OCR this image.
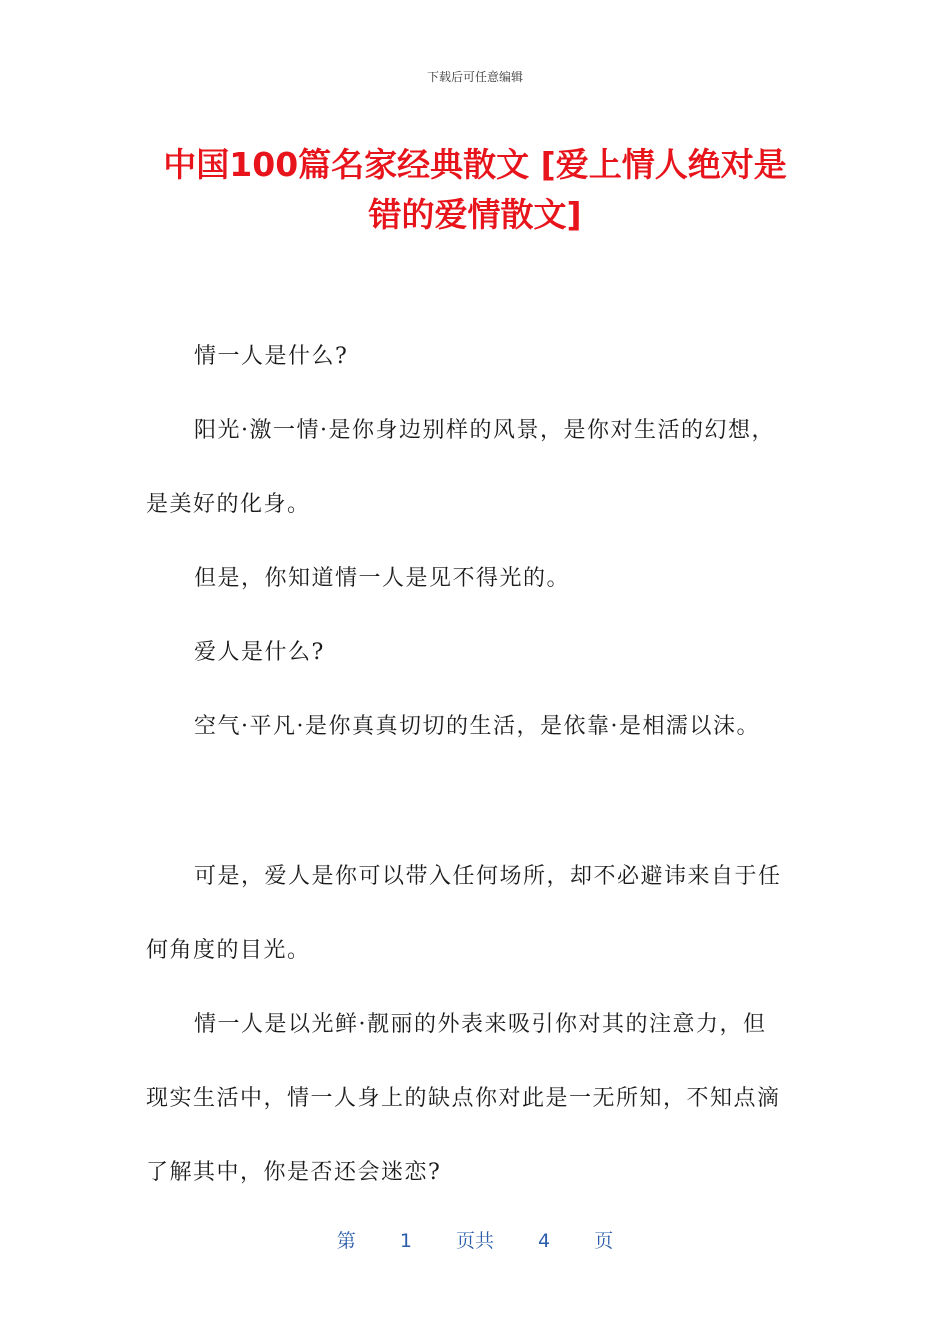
下载后可任意编辑
中国100篇名家经典散文 [爱上情人绝对是
错的爱情散文]

情一人是什么?

阳光·激一情·是你身边别样的风景，是你对生活的幻想，

是美好的化身。

但是，你知道情一人是见不得光的。

爱人是什么?

空气·平凡·是你真真切切的生活，是依靠·是相濡以沫。

可是，爱人是你可以带入任何场所，却不必避讳来自于任

何角度的目光。

情一人是以光鲜·靓丽的外表来吸引你对其的注意力，但

现实生活中，情一人身上的缺点你对此是一无所知，不知点滴

了解其中，你是否还会迷恋?

第 1 页共 4 页
